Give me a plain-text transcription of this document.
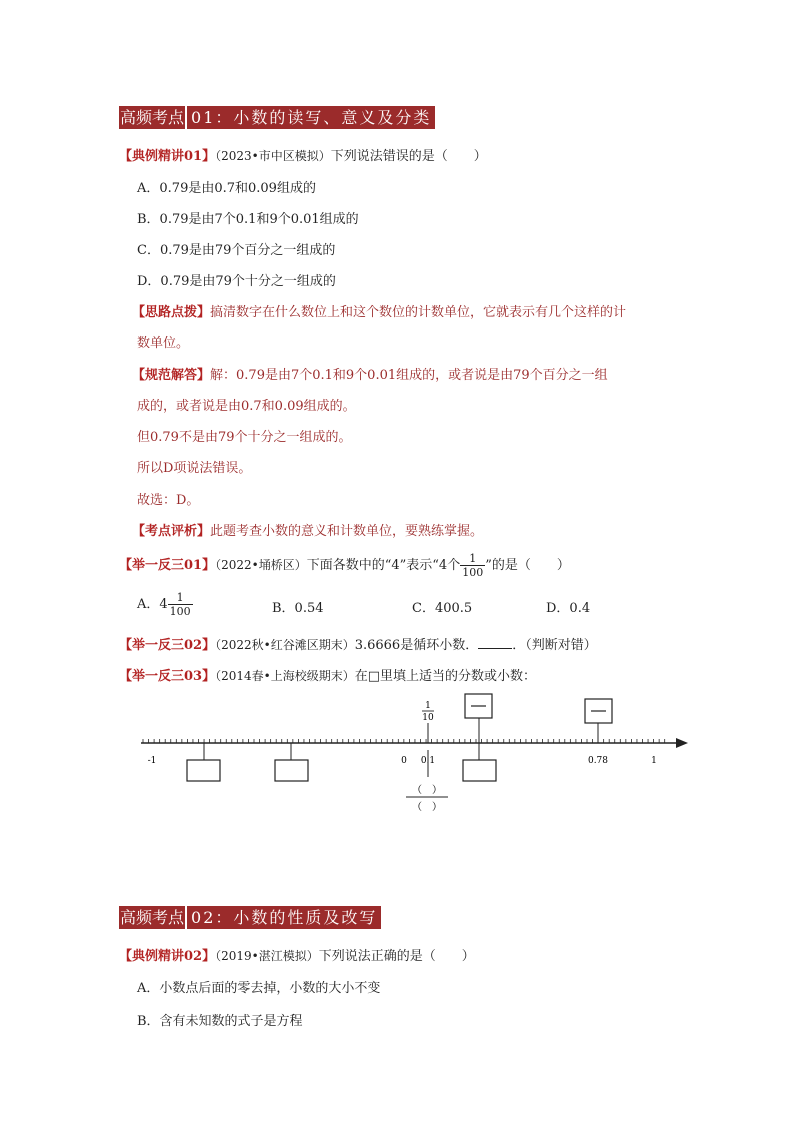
高频考点 01：小数的读写、意义及分类
【典例精讲01】（2023•市中区模拟）下列说法错误的是（　　）
A．0.79是由0.7和0.09组成的
B．0.79是由7个0.1和9个0.01组成的
C．0.79是由79个百分之一组成的
D．0.79是由79个十分之一组成的
【思路点拨】搞清数字在什么数位上和这个数位的计数单位，它就表示有几个这样的计
数单位。
【规范解答】解：0.79是由7个0.1和9个0.01组成的，或者说是由79个百分之一组
成的，或者说是由0.7和0.09组成的。
但0.79不是由79个十分之一组成的。
所以D项说法错误。
故选：D。
【考点评析】此题考查小数的意义和计数单位，要熟练掌握。
【举一反三01】（2022•埇桥区）下面各数中的“4”表示“4个 $\frac{1}{100}$ ”的是（　　）
A．$4 \frac{1}{100}$	B．0.54	C．400.5	D．0.4
【举一反三02】（2022秋•红谷滩区期末）3.6666是循环小数．	．（判断对错）
【举一反三03】（2014春•上海校级期末）在□里填上适当的分数或小数：
1
10
-1	0 0.1	0.78	1
（　）
（　）
高频考点 02：小数的性质及改写
【典例精讲02】（2019•湛江模拟）下列说法正确的是（　　）
A．小数点后面的零去掉，小数的大小不变
B．含有未知数的式子是方程
